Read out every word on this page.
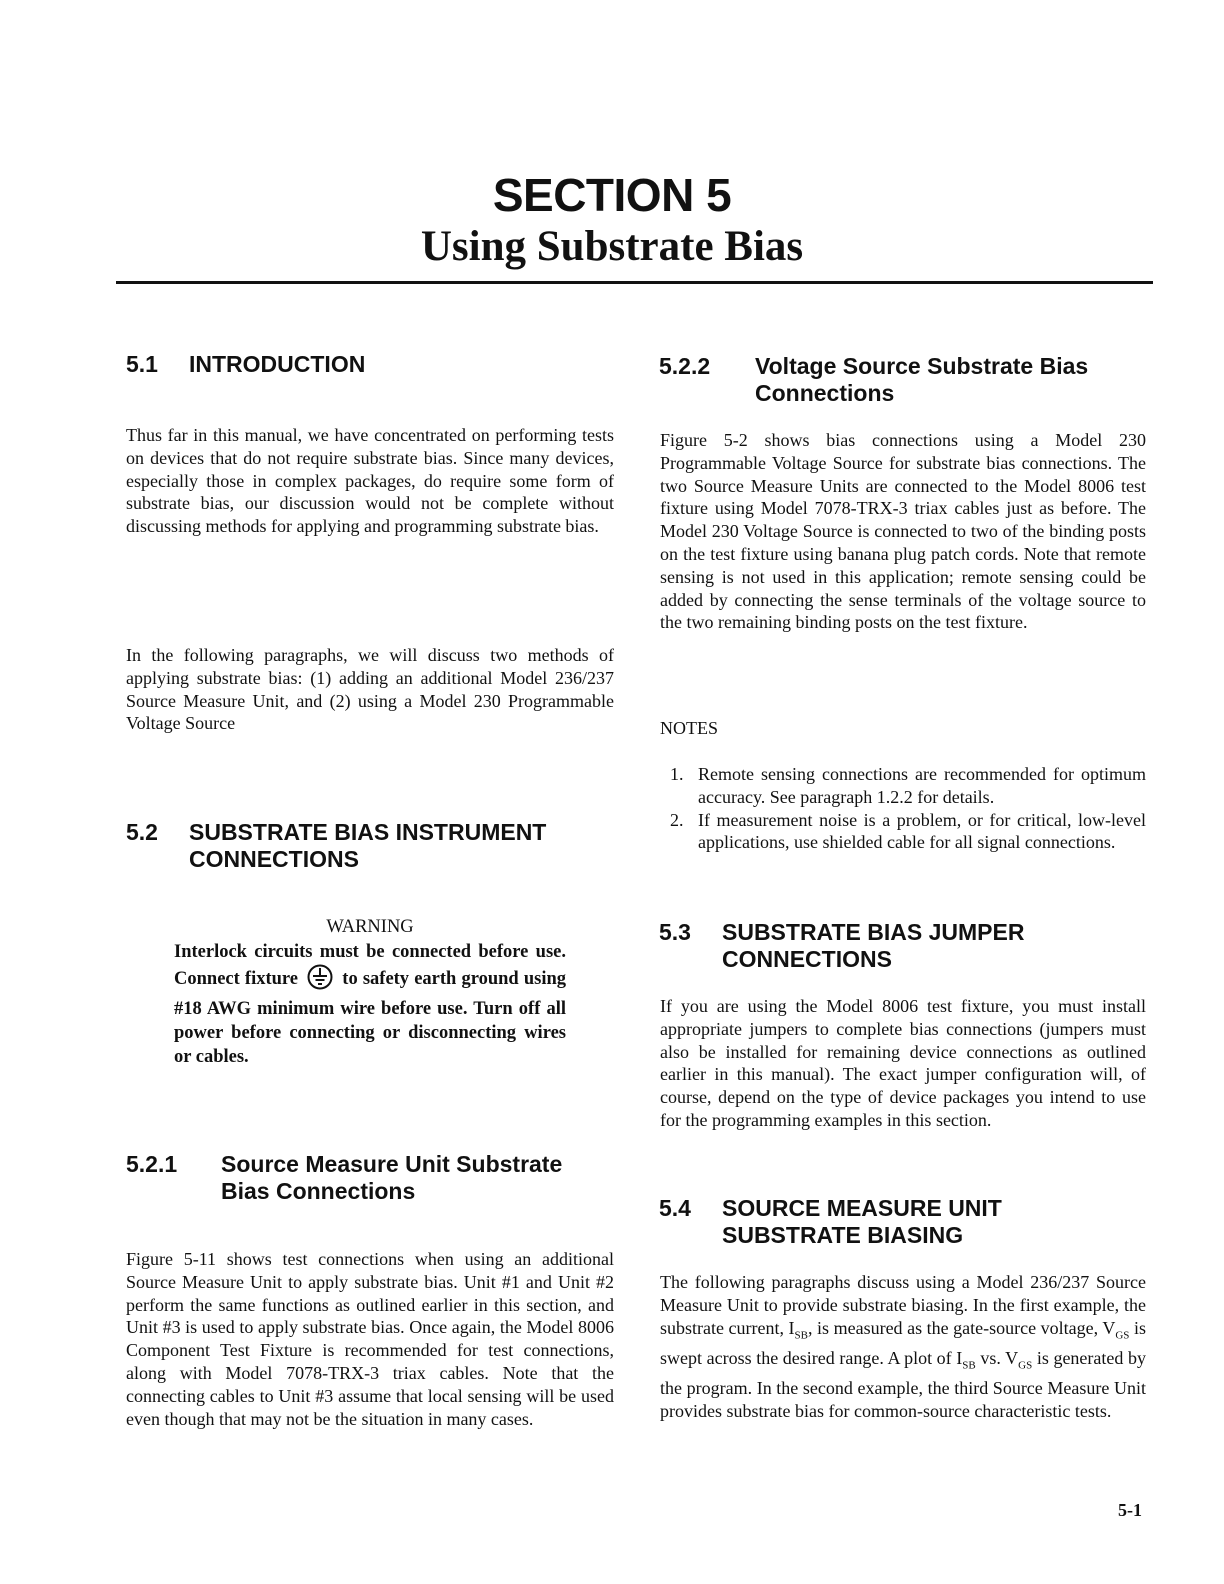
SECTION 5
Using Substrate Bias
5.1 INTRODUCTION
Thus far in this manual, we have concentrated on performing tests on devices that do not require substrate bias. Since many devices, especially those in complex packages, do require some form of substrate bias, our discussion would not be complete without discussing methods for applying and programming substrate bias.
In the following paragraphs, we will discuss two methods of applying substrate bias: (1) adding an additional Model 236/237 Source Measure Unit, and (2) using a Model 230 Programmable Voltage Source
5.2 SUBSTRATE BIAS INSTRUMENT
CONNECTIONS
WARNING
Interlock circuits must be connected before use. Connect fixture to safety earth ground using #18 AWG minimum wire before use. Turn off all power before connecting or disconnecting wires or cables.
5.2.1 Source Measure Unit Substrate
Bias Connections
Figure 5-11 shows test connections when using an additional Source Measure Unit to apply substrate bias. Unit #1 and Unit #2 perform the same functions as outlined earlier in this section, and Unit #3 is used to apply substrate bias. Once again, the Model 8006 Component Test Fixture is recommended for test connections, along with Model 7078-TRX-3 triax cables. Note that the connecting cables to Unit #3 assume that local sensing will be used even though that may not be the situation in many cases.
5.2.2 Voltage Source Substrate Bias
Connections
Figure 5-2 shows bias connections using a Model 230 Programmable Voltage Source for substrate bias connections. The two Source Measure Units are connected to the Model 8006 test fixture using Model 7078-TRX-3 triax cables just as before. The Model 230 Voltage Source is connected to two of the binding posts on the test fixture using banana plug patch cords. Note that remote sensing is not used in this application; remote sensing could be added by connecting the sense terminals of the voltage source to the two remaining binding posts on the test fixture.
NOTES
1. Remote sensing connections are recommended for optimum accuracy. See paragraph 1.2.2 for details.
2. If measurement noise is a problem, or for critical, low-level applications, use shielded cable for all signal connections.
5.3 SUBSTRATE BIAS JUMPER
CONNECTIONS
If you are using the Model 8006 test fixture, you must install appropriate jumpers to complete bias connections (jumpers must also be installed for remaining device connections as outlined earlier in this manual). The exact jumper configuration will, of course, depend on the type of device packages you intend to use for the programming examples in this section.
5.4 SOURCE MEASURE UNIT
SUBSTRATE BIASING
The following paragraphs discuss using a Model 236/237 Source Measure Unit to provide substrate biasing. In the first example, the substrate current, $I_{SB}$, is measured as the gate-source voltage, $V_{GS}$ is swept across the desired range. A plot of $I_{SB}$ vs. $V_{GS}$ is generated by the program. In the second example, the third Source Measure Unit provides substrate bias for common-source characteristic tests.
5-1
